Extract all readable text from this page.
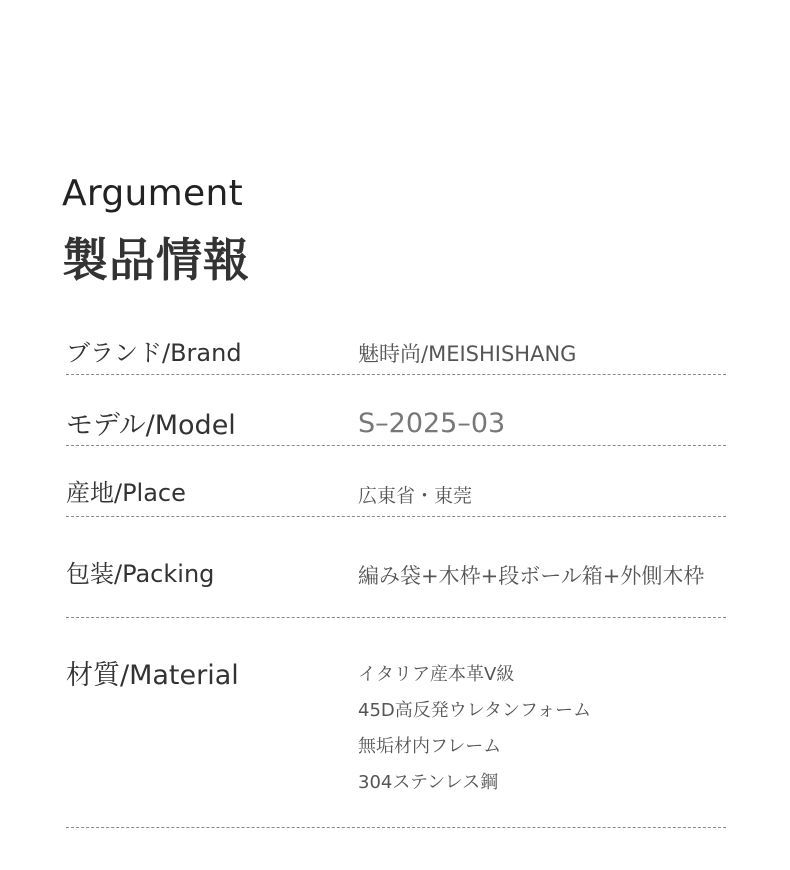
Argument
製品情報
ブランド/Brand	魅時尚/MEISHISHANG
モデル/Model	S–2025–03
産地/Place	広東省・東莞
包装/Packing	編み袋+木枠+段ボール箱+外側木枠
材質/Material	イタリア産本革V級
45D高反発ウレタンフォーム
無垢材内フレーム
304ステンレス鋼
